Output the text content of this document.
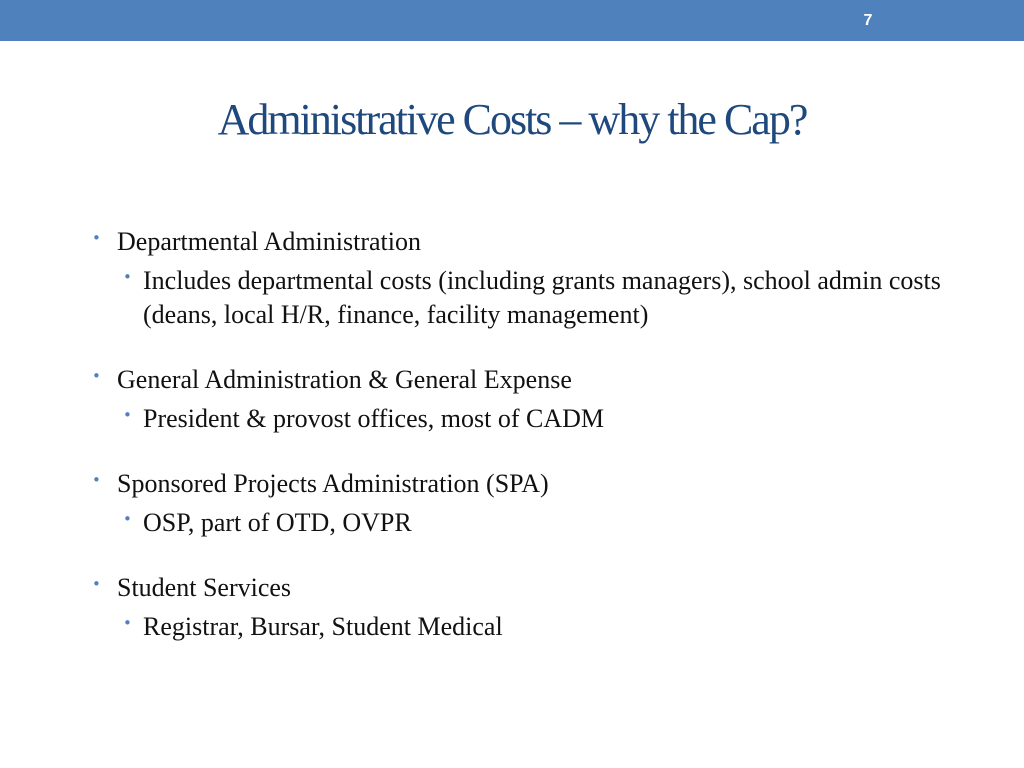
7
Administrative Costs – why the Cap?
• Departmental Administration
• Includes departmental costs (including grants managers), school admin costs (deans, local H/R, finance, facility management)
• General Administration & General Expense
• President & provost offices, most of CADM
• Sponsored Projects Administration (SPA)
• OSP, part of OTD, OVPR
• Student Services
• Registrar, Bursar, Student Medical
